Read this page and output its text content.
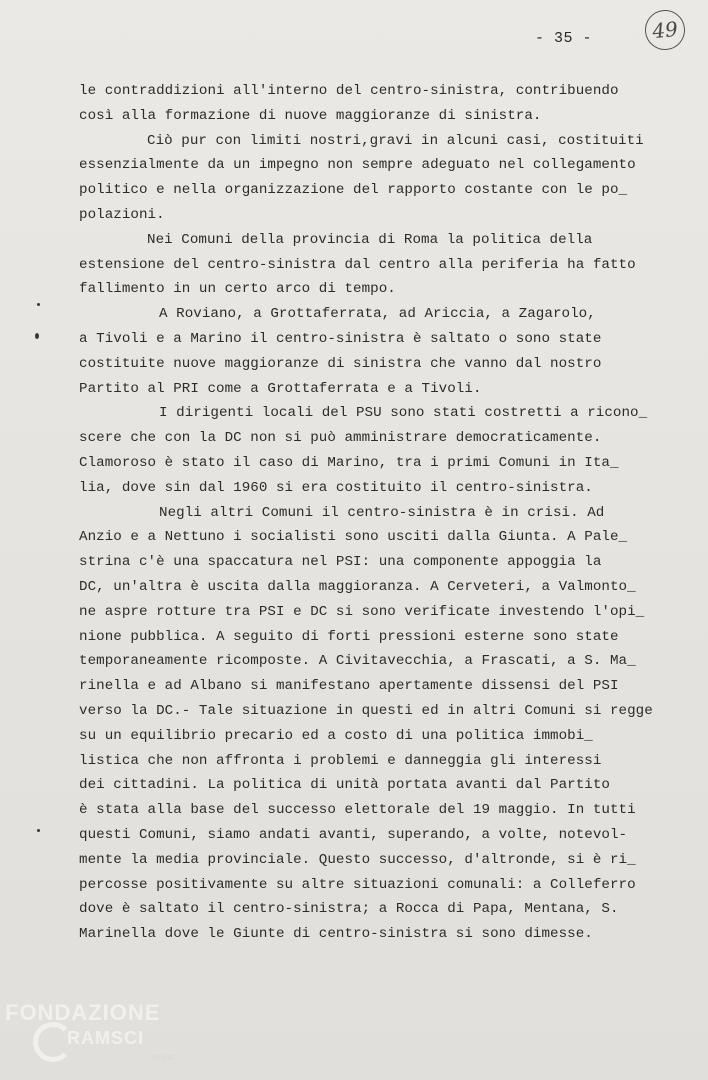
- 35 -	49
le contraddizioni all'interno del centro-sinistra, contribuendo
così alla formazione di nuove maggioranze di sinistra.
Ciò pur con limiti nostri,gravi in alcuni casi, costituiti
essenzialmente da un impegno non sempre adeguato nel collegamento
politico e nella organizzazione del rapporto costante con le po_
polazioni.
Nei Comuni della provincia di Roma la politica della
estensione del centro-sinistra dal centro alla periferia ha fatto
fallimento in un certo arco di tempo.
A Roviano, a Grottaferrata, ad Ariccia, a Zagarolo,
a Tivoli e a Marino il centro-sinistra è saltato o sono state
costituite nuove maggioranze di sinistra che vanno dal nostro
Partito al PRI come a Grottaferrata e a Tivoli.
I dirigenti locali del PSU sono stati costretti a ricono_
scere che con la DC non si può amministrare democraticamente.
Clamoroso è stato il caso di Marino, tra i primi Comuni in Ita_
lia, dove sin dal 1960 si era costituito il centro-sinistra.
Negli altri Comuni il centro-sinistra è in crisi. Ad
Anzio e a Nettuno i socialisti sono usciti dalla Giunta. A Pale_
strina c'è una spaccatura nel PSI: una componente appoggia la
DC, un'altra è uscita dalla maggioranza. A Cerveteri, a Valmonto_
ne aspre rotture tra PSI e DC si sono verificate investendo l'opi_
nione pubblica. A seguito di forti pressioni esterne sono state
temporaneamente ricomposte. A Civitavecchia, a Frascati, a S. Ma_
rinella e ad Albano si manifestano apertamente dissensi del PSI
verso la DC.- Tale situazione in questi ed in altri Comuni si regge
su un equilibrio precario ed a costo di una politica immobi_
listica che non affronta i problemi e danneggia gli interessi
dei cittadini. La politica di unità portata avanti dal Partito
è stata alla base del successo elettorale del 19 maggio. In tutti
questi Comuni, siamo andati avanti, superando, a volte, notevol-
mente la media provinciale. Questo successo, d'altronde, si è ri_
percosse positivamente su altre situazioni comunali: a Colleferro
dove è saltato il centro-sinistra; a Rocca di Papa, Mentana, S.
Marinella dove le Giunte di centro-sinistra si sono dimesse.
FONDAZIONE
RAMSCI
onlus
